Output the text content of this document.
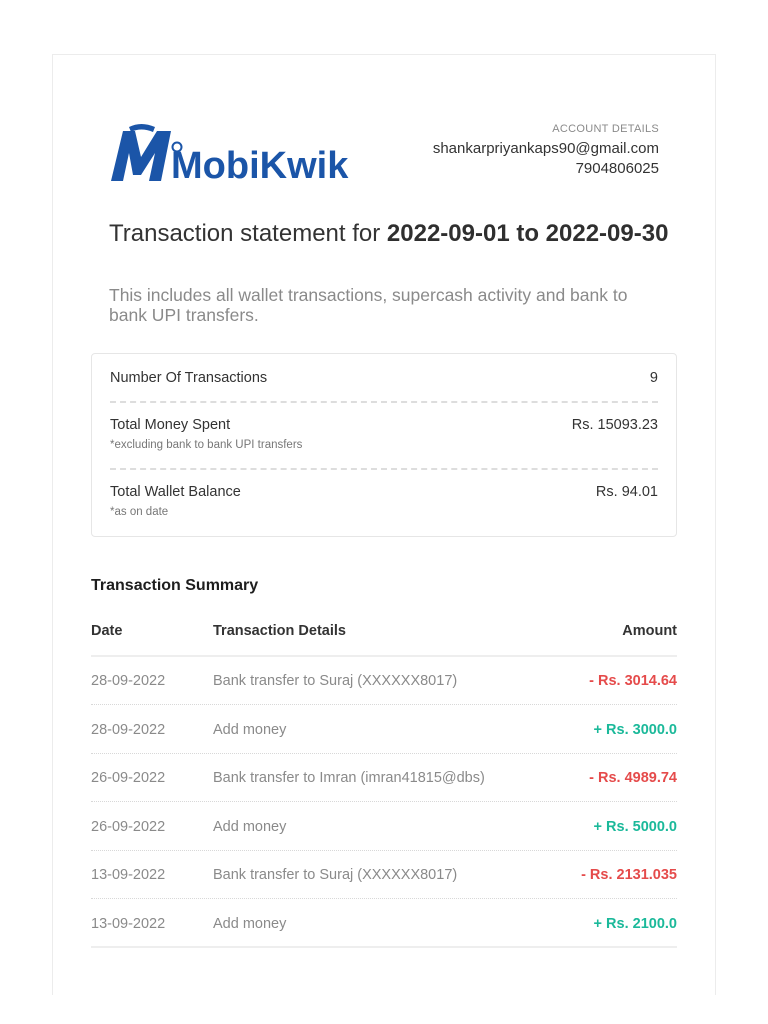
MobiKwik
ACCOUNT DETAILS
shankarpriyankaps90@gmail.com
7904806025
Transaction statement for 2022-09-01 to 2022-09-30
This includes all wallet transactions, supercash activity and bank to bank UPI transfers.
Number Of Transactions	9
Total Money Spent	Rs. 15093.23
*excluding bank to bank UPI transfers
Total Wallet Balance	Rs. 94.01
*as on date
Transaction Summary
Date	Transaction Details	Amount
28-09-2022	Bank transfer to Suraj (XXXXXX8017)	- Rs. 3014.64
28-09-2022	Add money	+ Rs. 3000.0
26-09-2022	Bank transfer to Imran (imran41815@dbs)	- Rs. 4989.74
26-09-2022	Add money	+ Rs. 5000.0
13-09-2022	Bank transfer to Suraj (XXXXXX8017)	- Rs. 2131.035
13-09-2022	Add money	+ Rs. 2100.0
